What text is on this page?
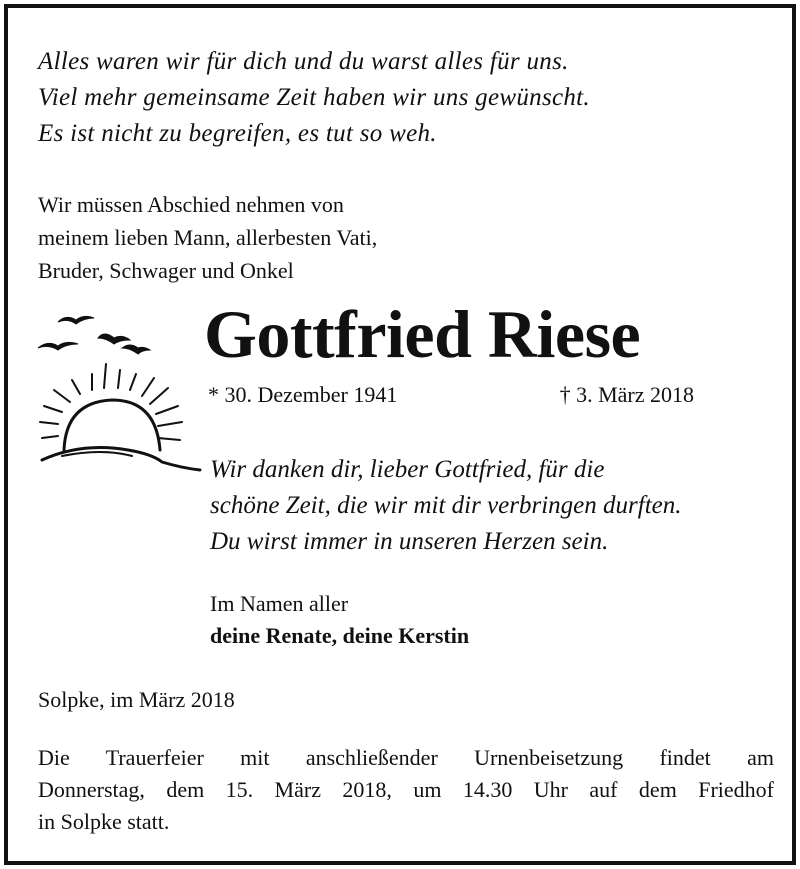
Alles waren wir für dich und du warst alles für uns.
Viel mehr gemeinsame Zeit haben wir uns gewünscht.
Es ist nicht zu begreifen, es tut so weh.
Wir müssen Abschied nehmen von
meinem lieben Mann, allerbesten Vati,
Bruder, Schwager und Onkel
Gottfried Riese
* 30. Dezember 1941	† 3. März 2018
Wir danken dir, lieber Gottfried, für die
schöne Zeit, die wir mit dir verbringen durften.
Du wirst immer in unseren Herzen sein.
Im Namen aller
deine Renate, deine Kerstin
Solpke, im März 2018
Die Trauerfeier mit anschließender Urnenbeisetzung findet am
Donnerstag, dem 15. März 2018, um 14.30 Uhr auf dem Friedhof
in Solpke statt.
